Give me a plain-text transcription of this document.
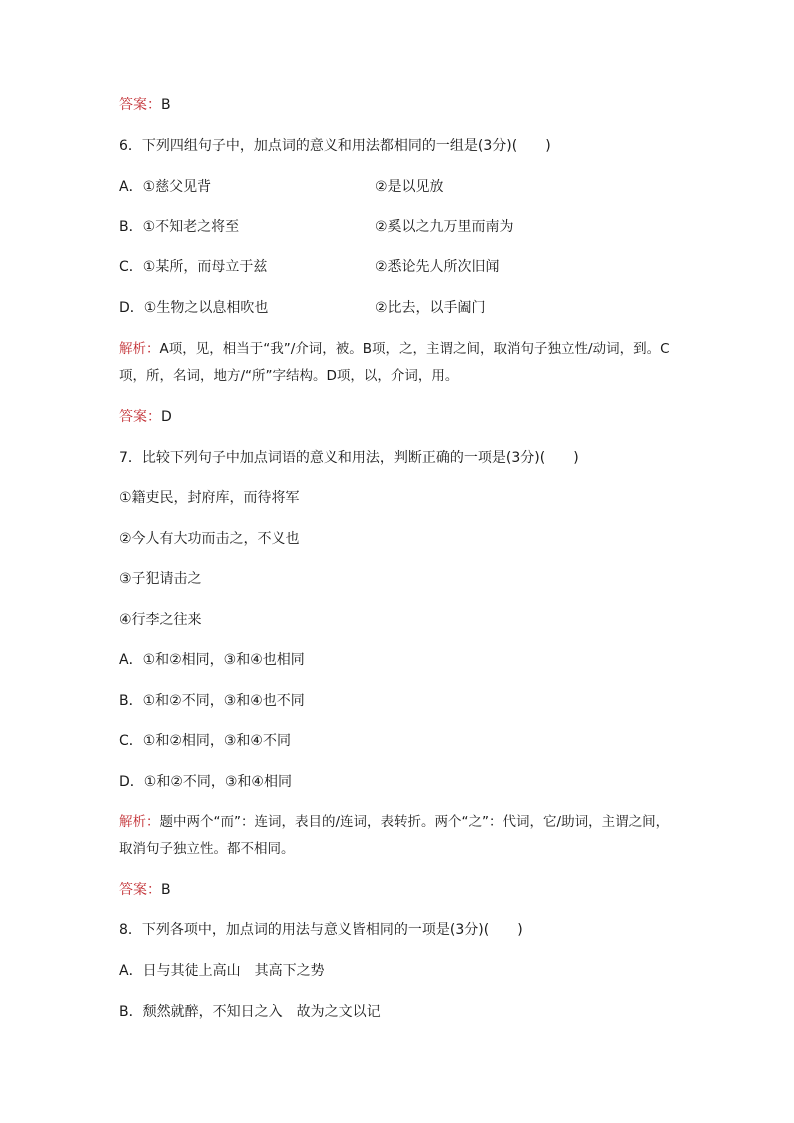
答案：B
6．下列四组句子中，加点词的意义和用法都相同的一组是(3分)(　　)
A．①慈父见背	②是以见放
B．①不知老之将至	②奚以之九万里而南为
C．①某所，而母立于兹	②悉论先人所次旧闻
D．①生物之以息相吹也	②比去，以手阖门
解析：A项，见，相当于“我”/介词，被。B项，之，主谓之间，取消句子独立性/动词，到。C项，所，名词，地方/“所”字结构。D项，以，介词，用。
答案：D
7．比较下列句子中加点词语的意义和用法，判断正确的一项是(3分)(　　)
①籍吏民，封府库，而待将军
②今人有大功而击之，不义也
③子犯请击之
④行李之往来
A．①和②相同，③和④也相同
B．①和②不同，③和④也不同
C．①和②相同，③和④不同
D．①和②不同，③和④相同
解析：题中两个“而”：连词，表目的/连词，表转折。两个“之”：代词，它/助词，主谓之间，取消句子独立性。都不相同。
答案：B
8．下列各项中，加点词的用法与意义皆相同的一项是(3分)(　　)
A．日与其徒上高山　其高下之势
B．颓然就醉，不知日之入　故为之文以记
